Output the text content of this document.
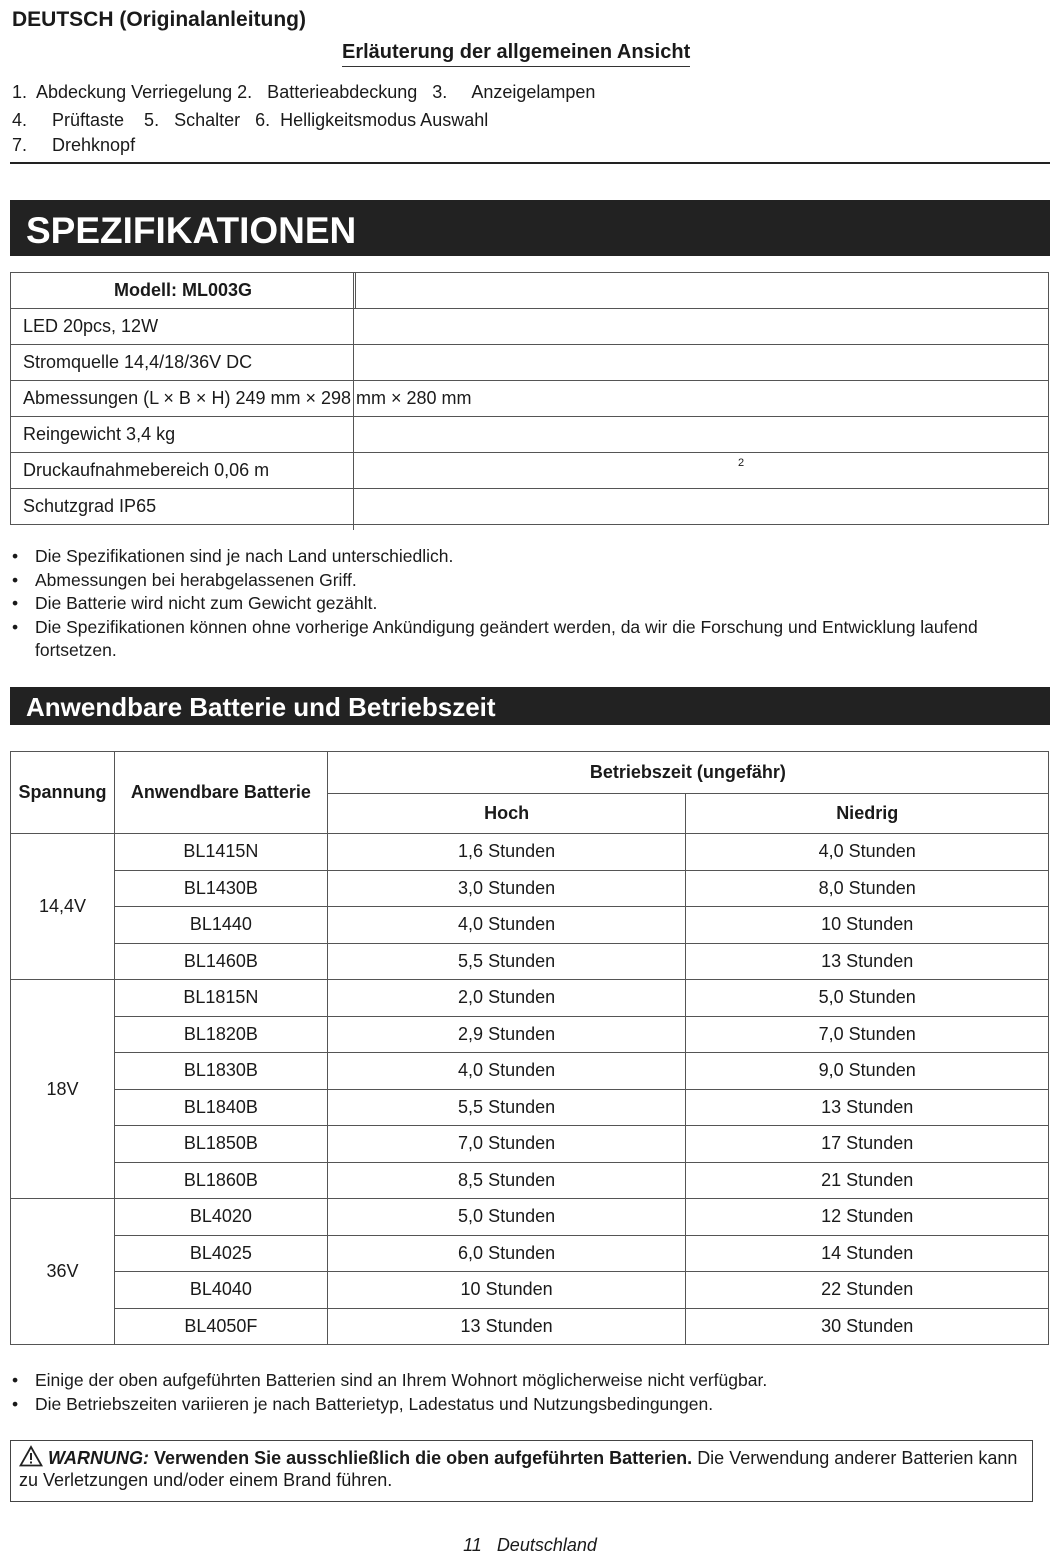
DEUTSCH (Originalanleitung)
Erläuterung der allgemeinen Ansicht
1.  Abdeckung Verriegelung 2.   Batterieabdeckung   3.     Anzeigelampen
4.     Prüftaste    5.   Schalter   6.  Helligkeitsmodus Auswahl
7.     Drehknopf
SPEZIFIKATIONEN
Modell: ML003G	
LED 20pcs, 12W
Stromquelle 14,4/18/36V DC
Abmessungen (L × B × H) 249 mm × 298 mm × 280 mm
Reingewicht 3,4 kg
Druckaufnahmebereich 0,06 m	2

Schutzgrad IP65
• Die Spezifikationen sind je nach Land unterschiedlich.
• Abmessungen bei herabgelassenen Griff.
• Die Batterie wird nicht zum Gewicht gezählt.
• Die Spezifikationen können ohne vorherige Ankündigung geändert werden, da wir die Forschung und Entwicklung laufend fortsetzen.
Anwendbare Batterie und Betriebszeit
Spannung	Anwendbare Batterie	Betriebszeit (ungefähr)	
		Hoch	Niedrig
14,4V	BL1415N	1,6 Stunden	4,0 Stunden
	BL1430B	3,0 Stunden	8,0 Stunden
	BL1440	4,0 Stunden	10 Stunden
	BL1460B	5,5 Stunden	13 Stunden
18V	BL1815N	2,0 Stunden	5,0 Stunden
	BL1820B	2,9 Stunden	7,0 Stunden
	BL1830B	4,0 Stunden	9,0 Stunden
	BL1840B	5,5 Stunden	13 Stunden
	BL1850B	7,0 Stunden	17 Stunden
	BL1860B	8,5 Stunden	21 Stunden
36V	BL4020	5,0 Stunden	12 Stunden
	BL4025	6,0 Stunden	14 Stunden
	BL4040	10 Stunden	22 Stunden
	BL4050F	13 Stunden	30 Stunden
• Einige der oben aufgeführten Batterien sind an Ihrem Wohnort möglicherweise nicht verfügbar.
• Die Betriebszeiten variieren je nach Batterietyp, Ladestatus und Nutzungsbedingungen.
WARNUNG: Verwenden Sie ausschließlich die oben aufgeführten Batterien. Die Verwendung anderer Batterien kann zu Verletzungen und/oder einem Brand führen.
11 Deutschland
